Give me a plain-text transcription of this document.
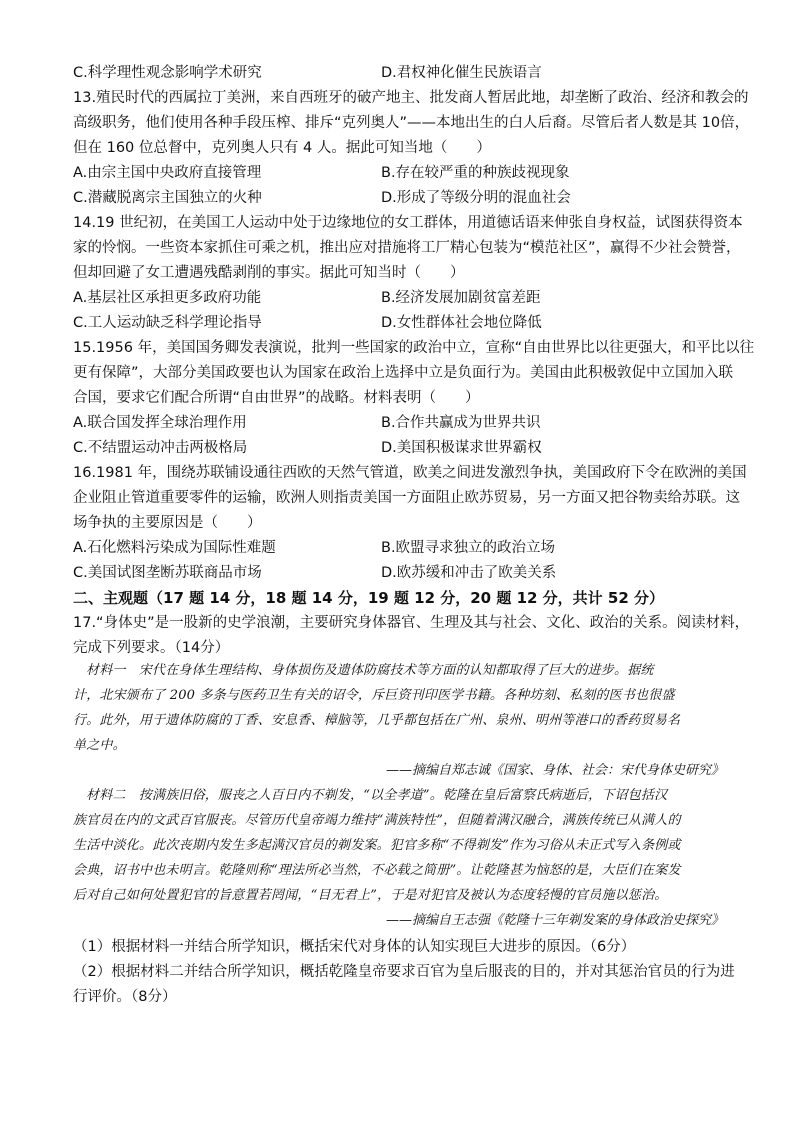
C.科学理性观念影响学术研究	D.君权神化催生民族语言
13.殖民时代的西属拉丁美洲，来自西班牙的破产地主、批发商人暂居此地，却垄断了政治、经济和教会的
高级职务，他们使用各种手段压榨、排斥“克列奥人”——本地出生的白人后裔。尽管后者人数是其 10倍，
但在 160 位总督中，克列奥人只有 4 人。据此可知当地（　　）
A.由宗主国中央政府直接管理	B.存在较严重的种族歧视现象
C.潜藏脱离宗主国独立的火种	D.形成了等级分明的混血社会
14.19 世纪初，在美国工人运动中处于边缘地位的女工群体，用道德话语来伸张自身权益，试图获得资本
家的怜悯。一些资本家抓住可乘之机，推出应对措施将工厂精心包装为“模范社区”，赢得不少社会赞誉，
但却回避了女工遭遇残酷剥削的事实。据此可知当时（　　）
A.基层社区承担更多政府功能	B.经济发展加剧贫富差距
C.工人运动缺乏科学理论指导	D.女性群体社会地位降低
15.1956 年，美国国务卿发表演说，批判一些国家的政治中立，宣称“自由世界比以往更强大，和平比以往
更有保障”，大部分美国政要也认为国家在政治上选择中立是负面行为。美国由此积极敦促中立国加入联
合国，要求它们配合所谓“自由世界”的战略。材料表明（　　）
A.联合国发挥全球治理作用	B.合作共赢成为世界共识
C.不结盟运动冲击两极格局	D.美国积极谋求世界霸权
16.1981 年，围绕苏联铺设通往西欧的天然气管道，欧美之间进发激烈争执，美国政府下令在欧洲的美国
企业阻止管道重要零件的运输，欧洲人则指责美国一方面阻止欧苏贸易，另一方面又把谷物卖给苏联。这
场争执的主要原因是（　　）
A.石化燃料污染成为国际性难题	B.欧盟寻求独立的政治立场
C.美国试图垄断苏联商品市场	D.欧苏缓和冲击了欧美关系
二、主观题（17 题 14 分，18 题 14 分，19 题 12 分，20 题 12 分，共计 52 分）
17.“身体史”是一股新的史学浪潮，主要研究身体器官、生理及其与社会、文化、政治的关系。阅读材料，
完成下列要求。（14分）
材料一　宋代在身体生理结构、身体损伤及遗体防腐技术等方面的认知都取得了巨大的进步。据统
计，北宋颁布了 200 多条与医药卫生有关的诏令，斥巨资刊印医学书籍。各种坊刻、私刻的医书也很盛
行。此外，用于遗体防腐的丁香、安息香、樟脑等，几乎都包括在广州、泉州、明州等港口的香药贸易名
单之中。
——摘编自郑志诚《国家、身体、社会：宋代身体史研究》
材料二　按满族旧俗，服丧之人百日内不剃发，“以全孝道”。乾隆在皇后富察氏病逝后，下诏包括汉
族官员在内的文武百官服丧。尽管历代皇帝竭力维持“满族特性”，但随着满汉融合，满族传统已从满人的
生活中淡化。此次丧期内发生多起满汉官员的剃发案。犯官多称“不得剃发”作为习俗从未正式写入条例或
会典，诏书中也未明言。乾隆则称“理法所必当然，不必载之简册”。让乾隆甚为恼怒的是，大臣们在案发
后对自己如何处置犯官的旨意置若罔闻，“目无君上”，于是对犯官及被认为态度轻慢的官员施以惩治。
——摘编自王志强《乾隆十三年剃发案的身体政治史探究》
（1）根据材料一并结合所学知识，概括宋代对身体的认知实现巨大进步的原因。（6分）
（2）根据材料二并结合所学知识，概括乾隆皇帝要求百官为皇后服丧的目的，并对其惩治官员的行为进
行评价。（8分）
